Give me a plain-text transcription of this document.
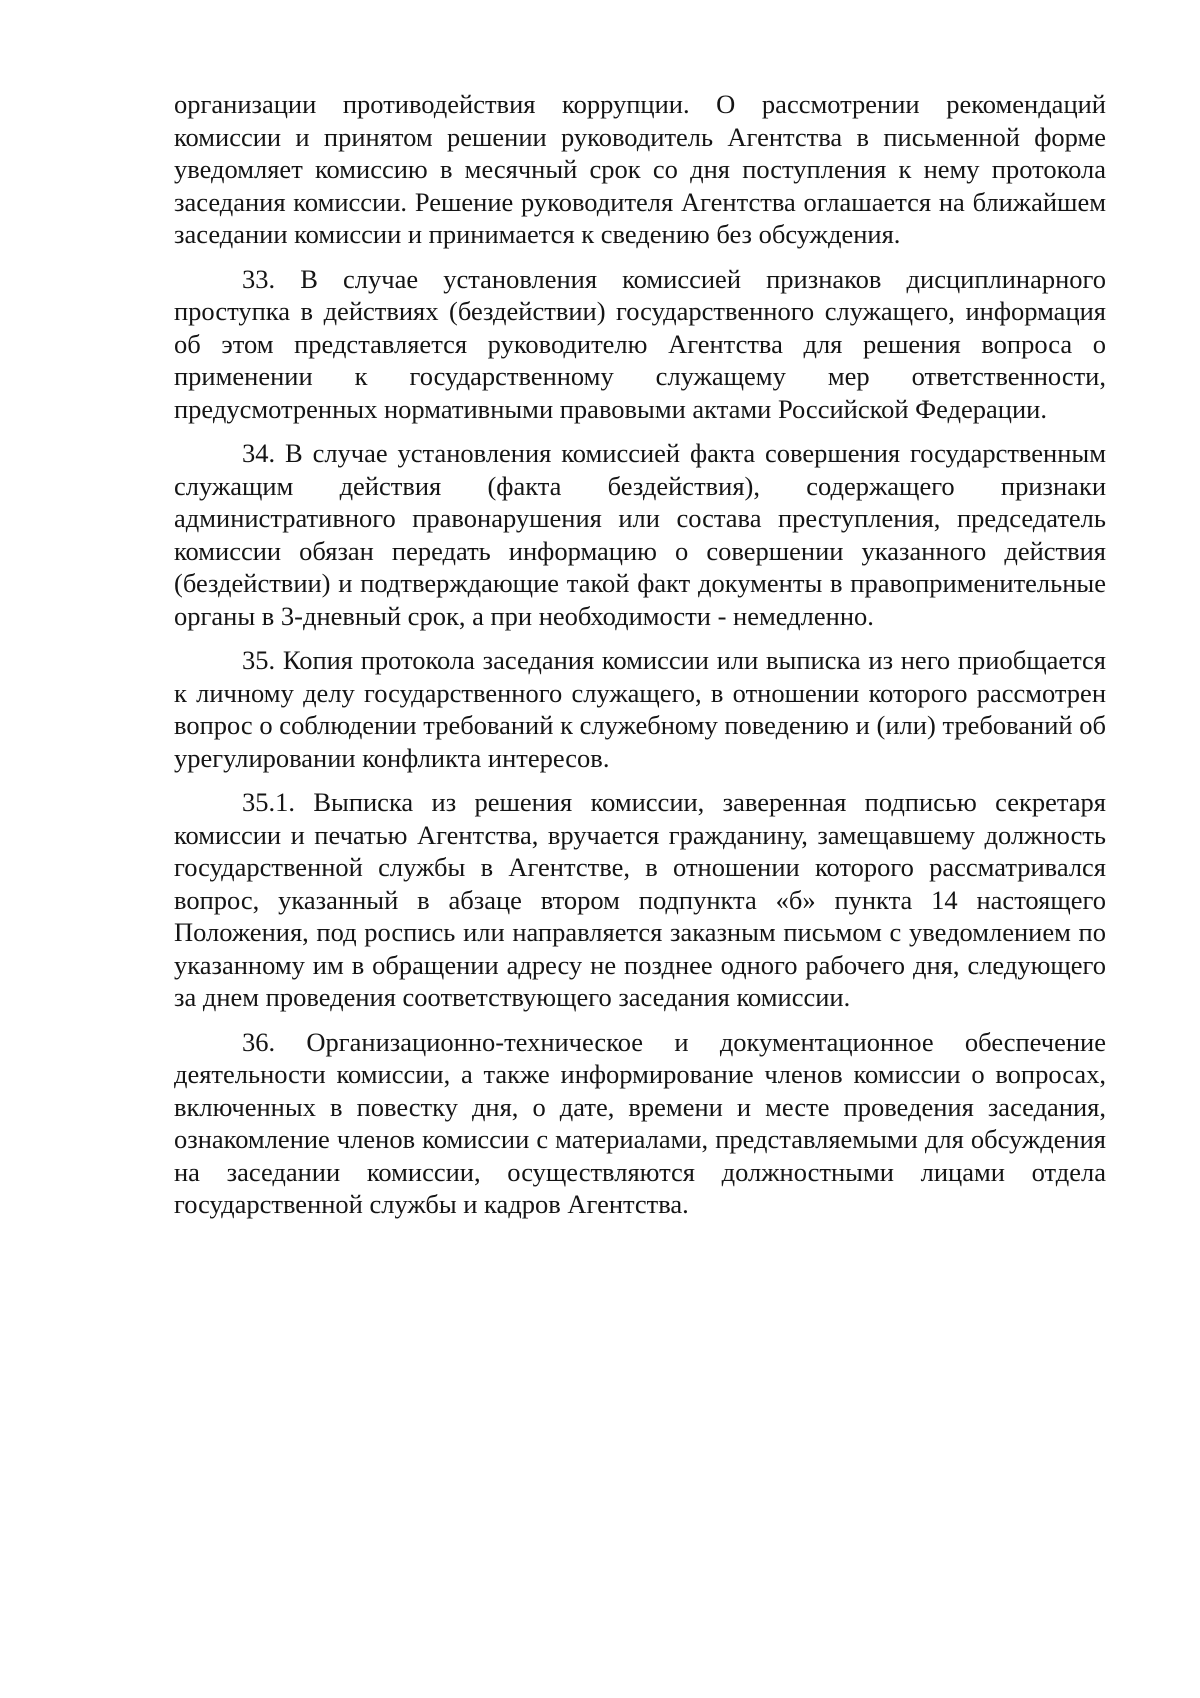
организации противодействия коррупции. О рассмотрении рекомендаций комиссии и принятом решении руководитель Агентства в письменной форме уведомляет комиссию в месячный срок со дня поступления к нему протокола заседания комиссии. Решение руководителя Агентства оглашается на ближайшем заседании комиссии и принимается к сведению без обсуждения.

33. В случае установления комиссией признаков дисциплинарного проступка в действиях (бездействии) государственного служащего, информация об этом представляется руководителю Агентства для решения вопроса о применении к государственному служащему мер ответственности, предусмотренных нормативными правовыми актами Российской Федерации.

34. В случае установления комиссией факта совершения государственным служащим действия (факта бездействия), содержащего признаки административного правонарушения или состава преступления, председатель комиссии обязан передать информацию о совершении указанного действия (бездействии) и подтверждающие такой факт документы в правоприменительные органы в 3-дневный срок, а при необходимости - немедленно.

35. Копия протокола заседания комиссии или выписка из него приобщается к личному делу государственного служащего, в отношении которого рассмотрен вопрос о соблюдении требований к служебному поведению и (или) требований об урегулировании конфликта интересов.

35.1. Выписка из решения комиссии, заверенная подписью секретаря комиссии и печатью Агентства, вручается гражданину, замещавшему должность государственной службы в Агентстве, в отношении которого рассматривался вопрос, указанный в абзаце втором подпункта «б» пункта 14 настоящего Положения, под роспись или направляется заказным письмом с уведомлением по указанному им в обращении адресу не позднее одного рабочего дня, следующего за днем проведения соответствующего заседания комиссии.

36. Организационно-техническое и документационное обеспечение деятельности комиссии, а также информирование членов комиссии о вопросах, включенных в повестку дня, о дате, времени и месте проведения заседания, ознакомление членов комиссии с материалами, представляемыми для обсуждения на заседании комиссии, осуществляются должностными лицами отдела государственной службы и кадров Агентства.
